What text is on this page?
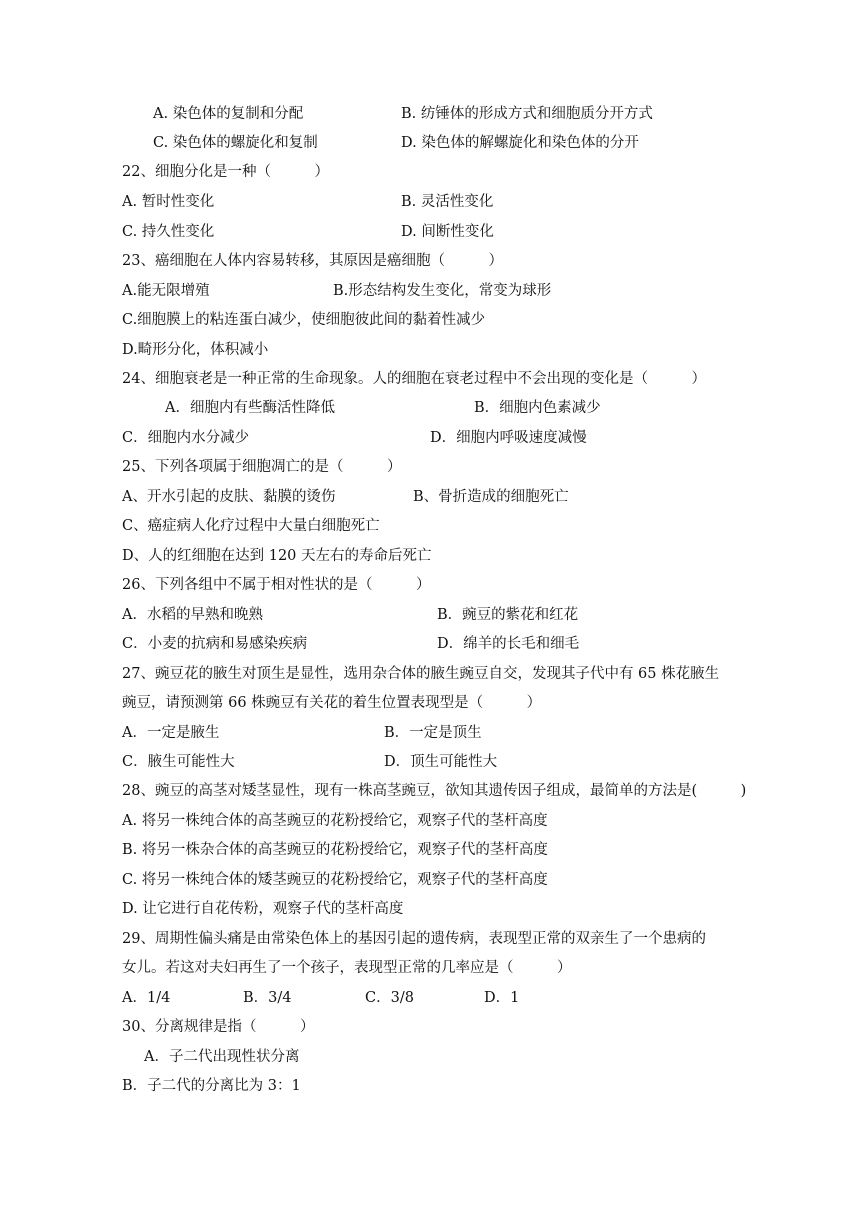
A. 染色体的复制和分配	B. 纺锤体的形成方式和细胞质分开方式
C. 染色体的螺旋化和复制	D. 染色体的解螺旋化和染色体的分开
22、细胞分化是一种（　　　）
A. 暂时性变化	B. 灵活性变化
C. 持久性变化	D. 间断性变化
23、癌细胞在人体内容易转移，其原因是癌细胞（　　　）
A.能无限增殖	B.形态结构发生变化，常变为球形
C.细胞膜上的粘连蛋白减少，使细胞彼此间的黏着性减少
D.畸形分化，体积减小
24、细胞衰老是一种正常的生命现象。人的细胞在衰老过程中不会出现的变化是（　　　）
A．细胞内有些酶活性降低	B．细胞内色素减少
C．细胞内水分减少	D．细胞内呼吸速度减慢
25、下列各项属于细胞凋亡的是（　　　）
A、开水引起的皮肤、黏膜的烫伤	B、骨折造成的细胞死亡
C、癌症病人化疗过程中大量白细胞死亡
D、人的红细胞在达到 120 天左右的寿命后死亡
26、下列各组中不属于相对性状的是（　　　）
A．水稻的早熟和晚熟	B．豌豆的紫花和红花
C．小麦的抗病和易感染疾病	D．绵羊的长毛和细毛
27、豌豆花的腋生对顶生是显性，选用杂合体的腋生豌豆自交，发现其子代中有 65 株花腋生
豌豆，请预测第 66 株豌豆有关花的着生位置表现型是（　　　）
A．一定是腋生	B．一定是顶生
C．腋生可能性大	D．顶生可能性大
28、豌豆的高茎对矮茎显性，现有一株高茎豌豆，欲知其遗传因子组成，最简单的方法是(　　　)
A. 将另一株纯合体的高茎豌豆的花粉授给它，观察子代的茎杆高度
B. 将另一株杂合体的高茎豌豆的花粉授给它，观察子代的茎杆高度
C. 将另一株纯合体的矮茎豌豆的花粉授给它，观察子代的茎杆高度
D. 让它进行自花传粉，观察子代的茎杆高度
29、周期性偏头痛是由常染色体上的基因引起的遗传病，表现型正常的双亲生了一个患病的
女儿。若这对夫妇再生了一个孩子，表现型正常的几率应是（　　　）
A．1/4	B．3/4	C．3/8	D．1
30、分离规律是指（　　　）
A．子二代出现性状分离
B．子二代的分离比为 3：1
